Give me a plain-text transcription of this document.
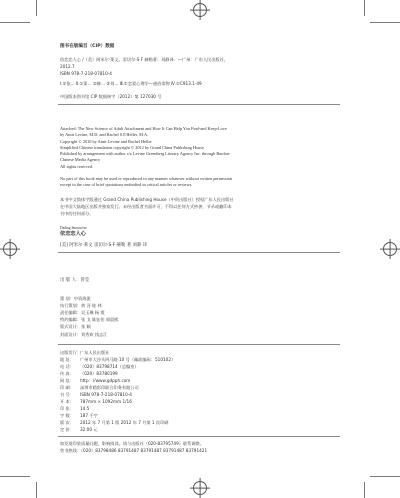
图书在版编目（CIP）数据
依恋恋人心 /（美）阿米尔·莱文，雷切尔·S·F 赫勒著；刘静译．—广州：广东人民出版社，
2012.7
ISBN 978-7-218-07810-4
Ⅰ.①依… Ⅱ.①莱… ②赫… ③刘… Ⅲ.①恋爱心理学—通俗读物 Ⅳ.①C913.1-49
中国版本图书馆 CIP 数据核字（2012）第 127030 号
Attached: The New Science of Adult Attachment and How It Can Help You Find-and Keep-Love
by Amir Levine, M.D. and Rachel S.F.Heller, M.A.
Copyright © 2010 by Amir Levine and Rachel Heller
Simplified Chinese translation copyright © 2012 by Grand China Publishing House
Published by arrangement with author c/o Levine Greenberg Literary Agency Inc. through Bardon-
Chinese Media Agency
All rights reserved.
No part of this book may be used or reproduced in any manner whatever without written permission
except in the case of brief quotations embodied in critical articles or reviews.
本书中文简体字版通过 Grand China Publishing House（中资出版社）授权广东人民出版社
在中国大陆地区出版并独家发行。未经出版者书面许可，不得以任何方式抄袭、节录或翻印本
书中的任何部分。
Dading Interactive
依恋恋人心
[美] 阿米尔·莱文 雷切尔·S·F·赫勒 著 刘静 译
出 版 人：曾莹
策 划：中资海派
执行策划：黄 河 桂 林
责任编辑：吴玉琳 杨 霞
特约编辑：张 戈 陈钰怡 郭晨熙
版式设计：张 颖
封面设计：刘秀欢 钱志江
出版发行：广东人民出版社
地 址： 广州市大沙头四马路 10 号（邮政编码：510102）
电 话： （020）83798714（总编室）
传 真： （020）83780199
网 址： http：//www.gdpph.com
印 刷： 深圳市精彩印联合印务有限公司
书 号： ISBN 978-7-218-07810-4
开 本： 787mm × 1092mm 1/16
印 张： 14.5
字 数： 187 千字
版 次： 2012 年 7 月第 1 版 2012 年 7 月第 1 次印刷
定 价： 32.00 元
如发现印装质量问题，影响阅读，请与出版社（020-83795749）联系调换。
售书热线：（020）83798486 83791487 83791487 83791487 83791421
